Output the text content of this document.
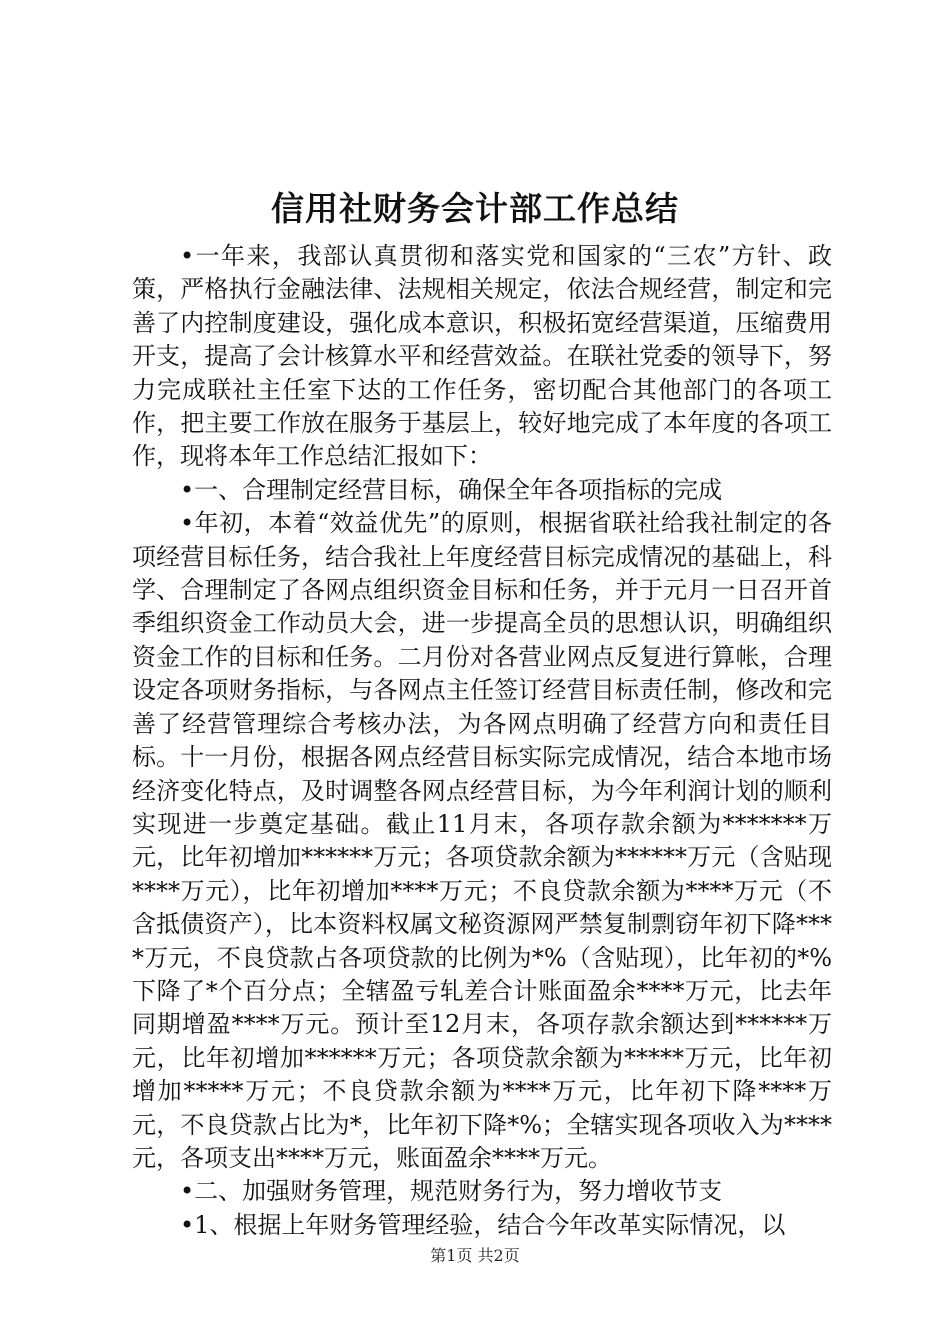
信用社财务会计部工作总结

•一年来，我部认真贯彻和落实党和国家的“三农”方针、政策，严格执行金融法律、法规相关规定，依法合规经营，制定和完善了内控制度建设，强化成本意识，积极拓宽经营渠道，压缩费用开支，提高了会计核算水平和经营效益。在联社党委的领导下，努力完成联社主任室下达的工作任务，密切配合其他部门的各项工作，把主要工作放在服务于基层上，较好地完成了本年度的各项工作，现将本年工作总结汇报如下：

•一、合理制定经营目标，确保全年各项指标的完成

•年初，本着“效益优先”的原则，根据省联社给我社制定的各项经营目标任务，结合我社上年度经营目标完成情况的基础上，科学、合理制定了各网点组织资金目标和任务，并于元月一日召开首季组织资金工作动员大会，进一步提高全员的思想认识，明确组织资金工作的目标和任务。二月份对各营业网点反复进行算帐，合理设定各项财务指标，与各网点主任签订经营目标责任制，修改和完善了经营管理综合考核办法，为各网点明确了经营方向和责任目标。十一月份，根据各网点经营目标实际完成情况，结合本地市场经济变化特点，及时调整各网点经营目标，为今年利润计划的顺利实现进一步奠定基础。截止11月末，各项存款余额为*******万元，比年初增加******万元；各项贷款余额为******万元（含贴现****万元），比年初增加****万元；不良贷款余额为****万元（不含抵债资产），比本资料权属文秘资源网严禁复制剽窃年初下降****万元，不良贷款占各项贷款的比例为*%（含贴现），比年初的*%下降了*个百分点；全辖盈亏轧差合计账面盈余****万元，比去年同期增盈****万元。预计至12月末，各项存款余额达到******万元，比年初增加******万元；各项贷款余额为*****万元，比年初增加*****万元；不良贷款余额为****万元，比年初下降****万元，不良贷款占比为*，比年初下降*%；全辖实现各项收入为****元，各项支出****万元，账面盈余****万元。

•二、加强财务管理，规范财务行为，努力增收节支

•1、根据上年财务管理经验，结合今年改革实际情况，以

第1页 共2页
